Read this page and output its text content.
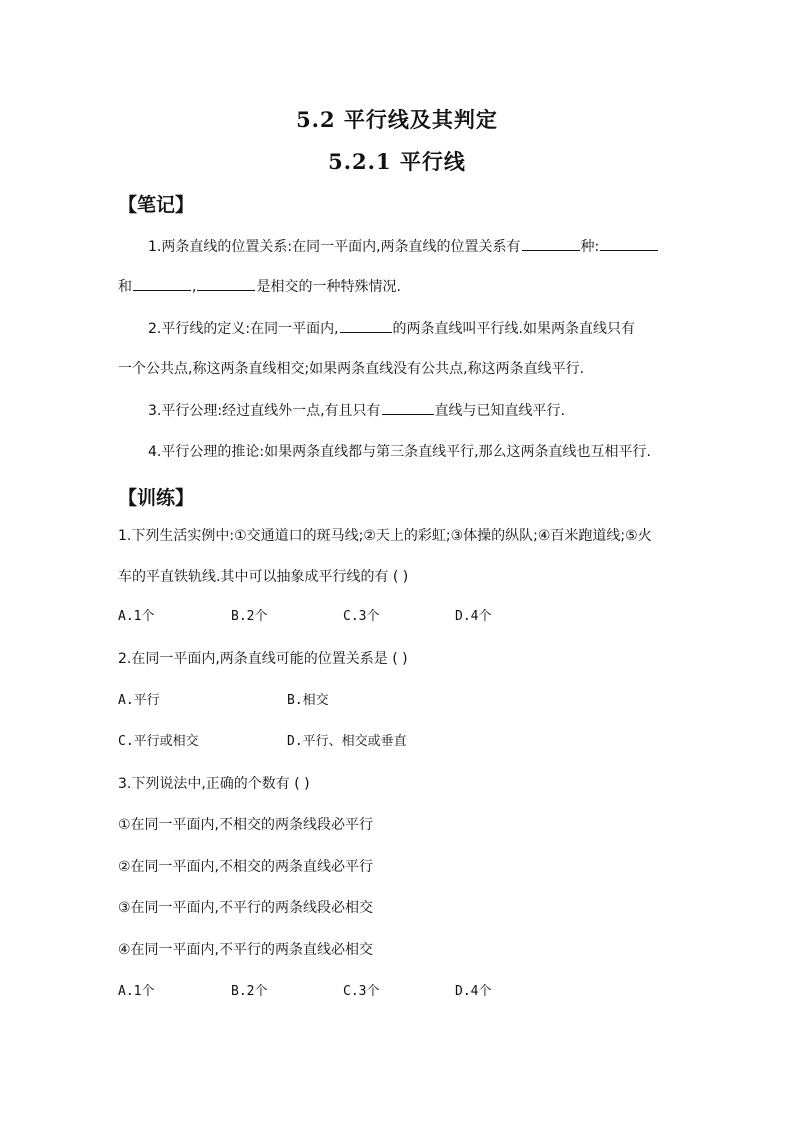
5.2 平行线及其判定
5.2.1 平行线
【笔记】
1.两条直线的位置关系:在同一平面内,两条直线的位置关系有	种:
和	,	是相交的一种特殊情况.
2.平行线的定义:在同一平面内,	的两条直线叫平行线.如果两条直线只有
一个公共点,称这两条直线相交;如果两条直线没有公共点,称这两条直线平行.
3.平行公理:经过直线外一点,有且只有	直线与已知直线平行.
4.平行公理的推论:如果两条直线都与第三条直线平行,那么这两条直线也互相平行.
【训练】
1.下列生活实例中:①交通道口的斑马线;②天上的彩虹;③体操的纵队;④百米跑道线;⑤火
车的平直铁轨线.其中可以抽象成平行线的有 ( )
A.1个	B.2个	C.3个	D.4个
2.在同一平面内,两条直线可能的位置关系是 ( )
A.平行	B.相交
C.平行或相交	D.平行、相交或垂直
3.下列说法中,正确的个数有 ( )
①在同一平面内,不相交的两条线段必平行
②在同一平面内,不相交的两条直线必平行
③在同一平面内,不平行的两条线段必相交
④在同一平面内,不平行的两条直线必相交
A.1个	B.2个	C.3个	D.4个
